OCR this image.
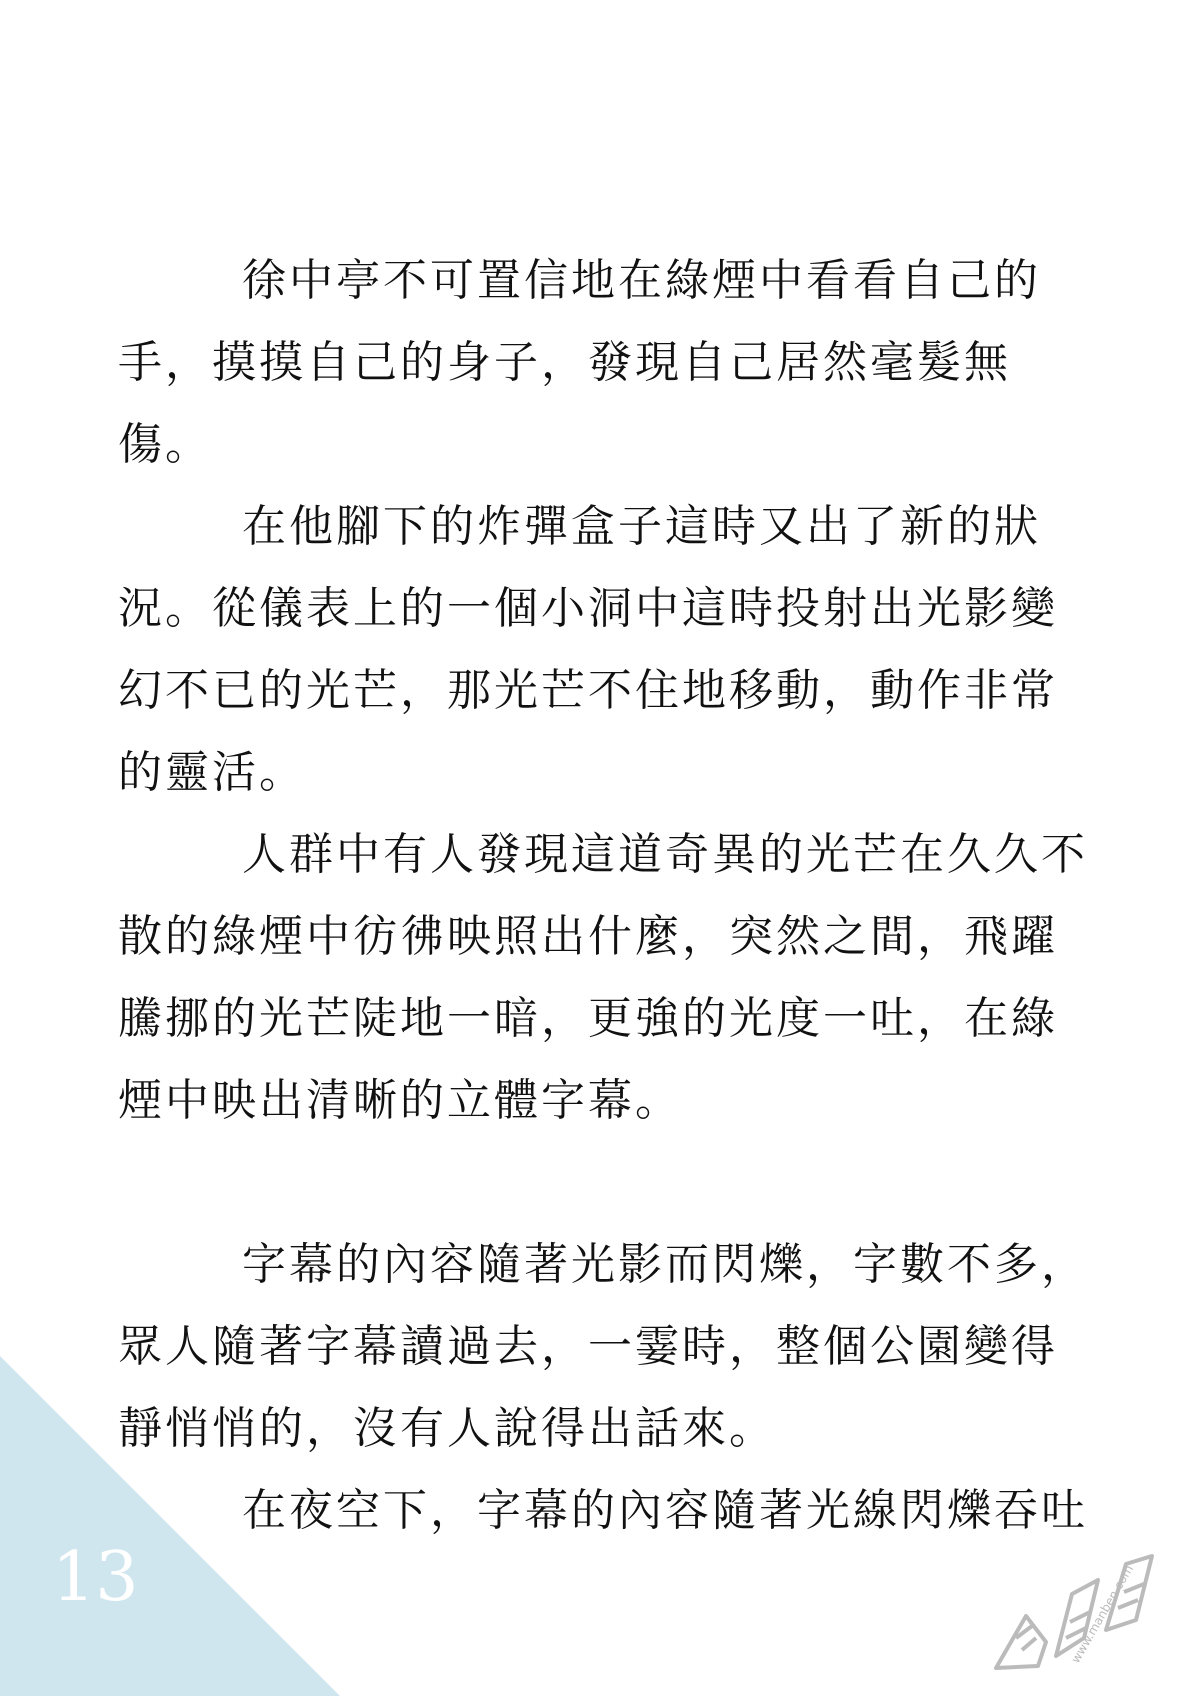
13

徐中亭不可置信地在綠煙中看看自己的手，摸摸自己的身子，發現自己居然毫髮無傷。

在他腳下的炸彈盒子這時又出了新的狀況。從儀表上的一個小洞中這時投射出光影變幻不已的光芒，那光芒不住地移動，動作非常的靈活。

人群中有人發現這道奇異的光芒在久久不散的綠煙中彷彿映照出什麼，突然之間，飛躍騰挪的光芒陡地一暗，更強的光度一吐，在綠煙中映出清晰的立體字幕。

字幕的內容隨著光影而閃爍，字數不多，眾人隨著字幕讀過去，一霎時，整個公園變得靜悄悄的，沒有人說得出話來。

在夜空下，字幕的內容隨著光線閃爍吞吐

www.manben.com
